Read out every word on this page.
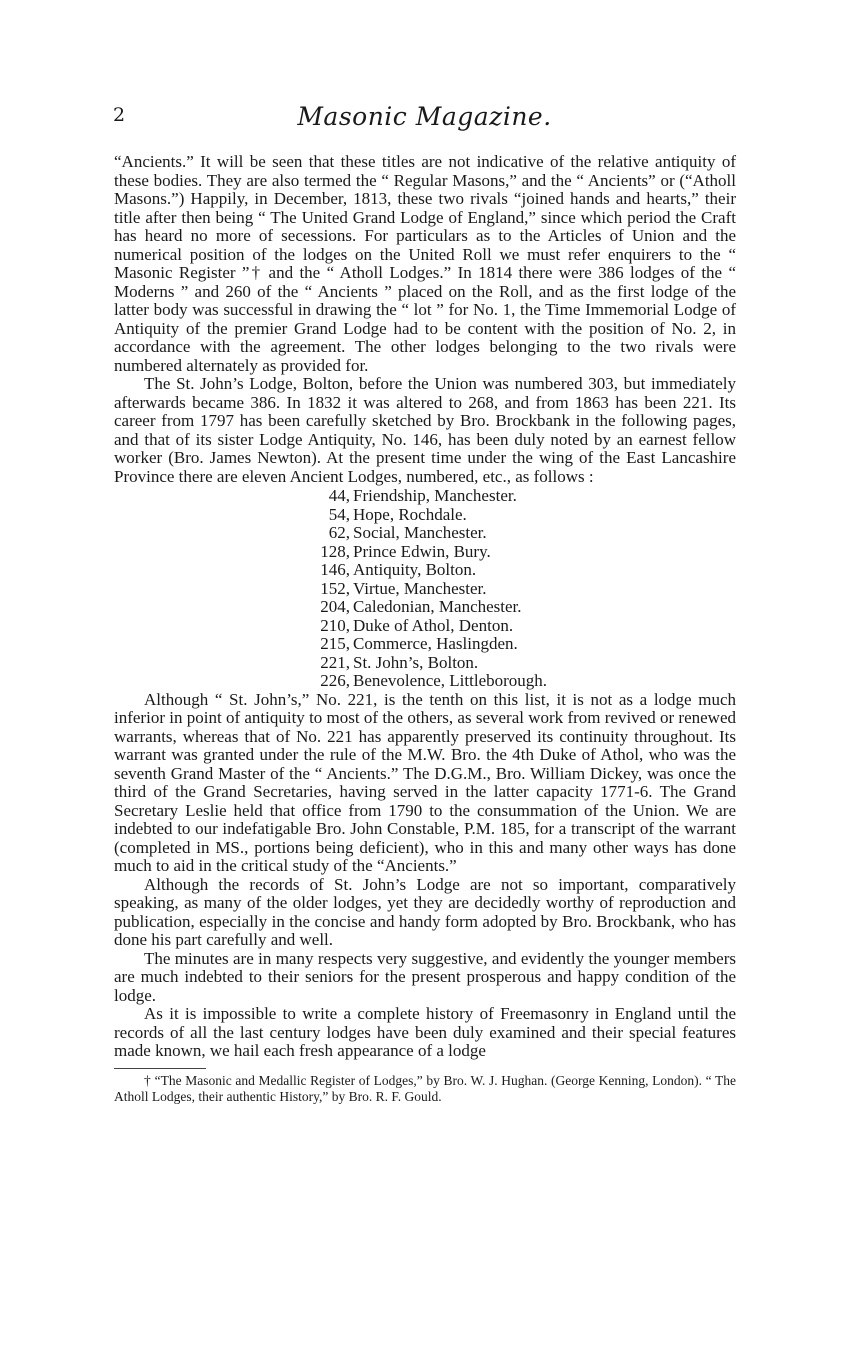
2	Masonic Magazine.

“Ancients.” It will be seen that these titles are not indicative of the relative antiquity of these bodies. They are also termed the “ Regular Masons,” and the “ Ancients” or (“Atholl Masons.”) Happily, in December, 1813, these two rivals “joined hands and hearts,” their title after then being “ The United Grand Lodge of England,” since which period the Craft has heard no more of secessions. For particulars as to the Articles of Union and the numerical position of the lodges on the United Roll we must refer enquirers to the “ Masonic Register ”† and the “ Atholl Lodges.” In 1814 there were 386 lodges of the “ Moderns ” and 260 of the “ Ancients ” placed on the Roll, and as the first lodge of the latter body was successful in drawing the “ lot ” for No. 1, the Time Immemorial Lodge of Antiquity of the premier Grand Lodge had to be content with the position of No. 2, in accordance with the agreement. The other lodges belonging to the two rivals were numbered alternately as provided for.

The St. John’s Lodge, Bolton, before the Union was numbered 303, but immediately afterwards became 386. In 1832 it was altered to 268, and from 1863 has been 221. Its career from 1797 has been carefully sketched by Bro. Brockbank in the following pages, and that of its sister Lodge Antiquity, No. 146, has been duly noted by an earnest fellow worker (Bro. James Newton). At the present time under the wing of the East Lancashire Province there are eleven Ancient Lodges, numbered, etc., as follows :

44, Friendship, Manchester.
54, Hope, Rochdale.
62, Social, Manchester.
128, Prince Edwin, Bury.
146, Antiquity, Bolton.
152, Virtue, Manchester.
204, Caledonian, Manchester.
210, Duke of Athol, Denton.
215, Commerce, Haslingden.
221, St. John’s, Bolton.
226, Benevolence, Littleborough.

Although “ St. John’s,” No. 221, is the tenth on this list, it is not as a lodge much inferior in point of antiquity to most of the others, as several work from revived or renewed warrants, whereas that of No. 221 has apparently preserved its continuity throughout. Its warrant was granted under the rule of the M.W. Bro. the 4th Duke of Athol, who was the seventh Grand Master of the “ Ancients.” The D.G.M., Bro. William Dickey, was once the third of the Grand Secretaries, having served in the latter capacity 1771-6. The Grand Secretary Leslie held that office from 1790 to the consummation of the Union. We are indebted to our indefatigable Bro. John Constable, P.M. 185, for a transcript of the warrant (completed in MS., portions being deficient), who in this and many other ways has done much to aid in the critical study of the “Ancients.”

Although the records of St. John’s Lodge are not so important, comparatively speaking, as many of the older lodges, yet they are decidedly worthy of reproduction and publication, especially in the concise and handy form adopted by Bro. Brockbank, who has done his part carefully and well.

The minutes are in many respects very suggestive, and evidently the younger members are much indebted to their seniors for the present prosperous and happy condition of the lodge.

As it is impossible to write a complete history of Freemasonry in England until the records of all the last century lodges have been duly examined and their special features made known, we hail each fresh appearance of a lodge

† “The Masonic and Medallic Register of Lodges,” by Bro. W. J. Hughan. (George Kenning, London). “ The Atholl Lodges, their authentic History,” by Bro. R. F. Gould.
